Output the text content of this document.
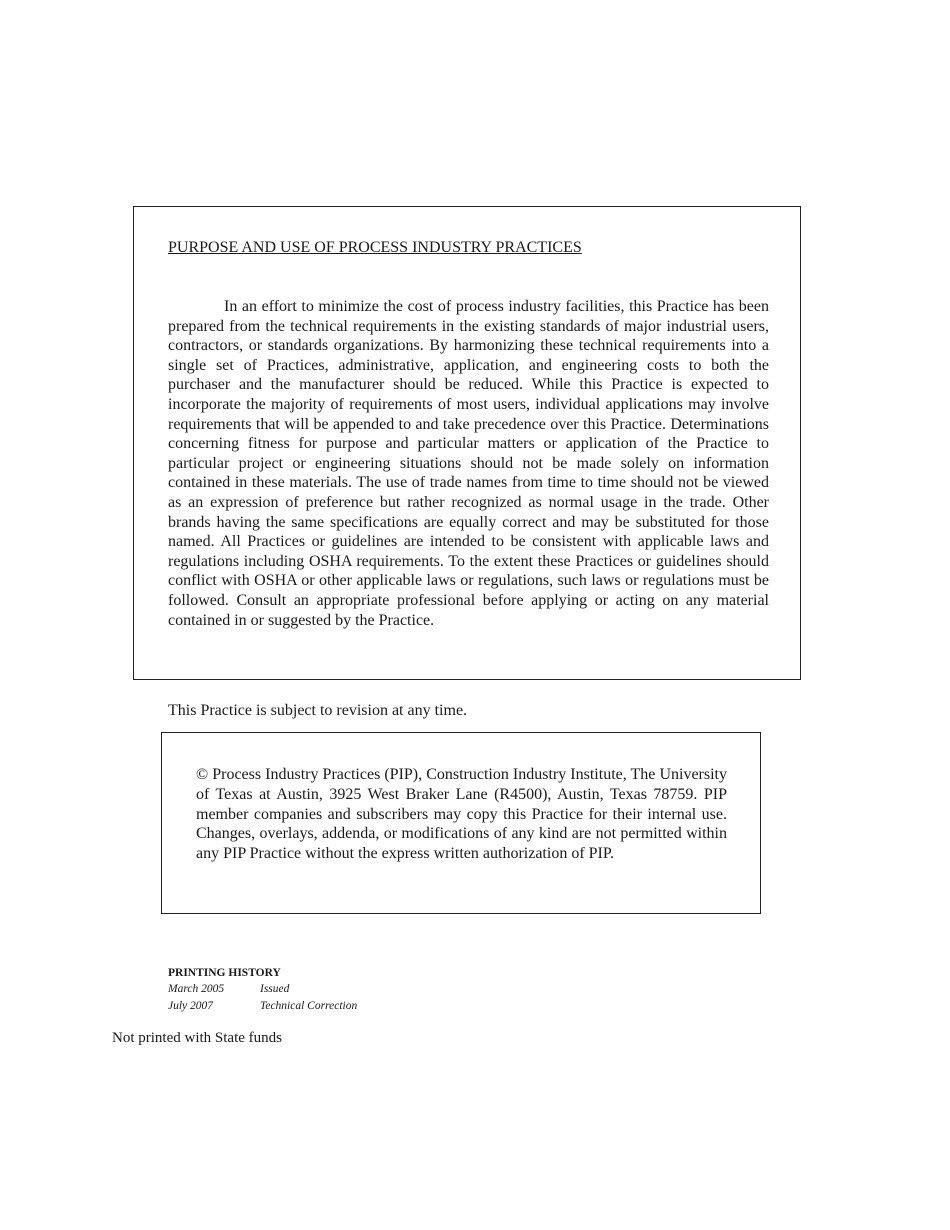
PURPOSE AND USE OF PROCESS INDUSTRY PRACTICES

In an effort to minimize the cost of process industry facilities, this Practice has been prepared from the technical requirements in the existing standards of major industrial users, contractors, or standards organizations. By harmonizing these technical requirements into a single set of Practices, administrative, application, and engineering costs to both the purchaser and the manufacturer should be reduced. While this Practice is expected to incorporate the majority of requirements of most users, individual applications may involve requirements that will be appended to and take precedence over this Practice. Determinations concerning fitness for purpose and particular matters or application of the Practice to particular project or engineering situations should not be made solely on information contained in these materials. The use of trade names from time to time should not be viewed as an expression of preference but rather recognized as normal usage in the trade. Other brands having the same specifications are equally correct and may be substituted for those named. All Practices or guidelines are intended to be consistent with applicable laws and regulations including OSHA requirements. To the extent these Practices or guidelines should conflict with OSHA or other applicable laws or regulations, such laws or regulations must be followed. Consult an appropriate professional before applying or acting on any material contained in or suggested by the Practice.

This Practice is subject to revision at any time.

© Process Industry Practices (PIP), Construction Industry Institute, The University of Texas at Austin, 3925 West Braker Lane (R4500), Austin, Texas 78759. PIP member companies and subscribers may copy this Practice for their internal use. Changes, overlays, addenda, or modifications of any kind are not permitted within any PIP Practice without the express written authorization of PIP.

PRINTING HISTORY
March 2005	Issued
July 2007	Technical Correction
Not printed with State funds
